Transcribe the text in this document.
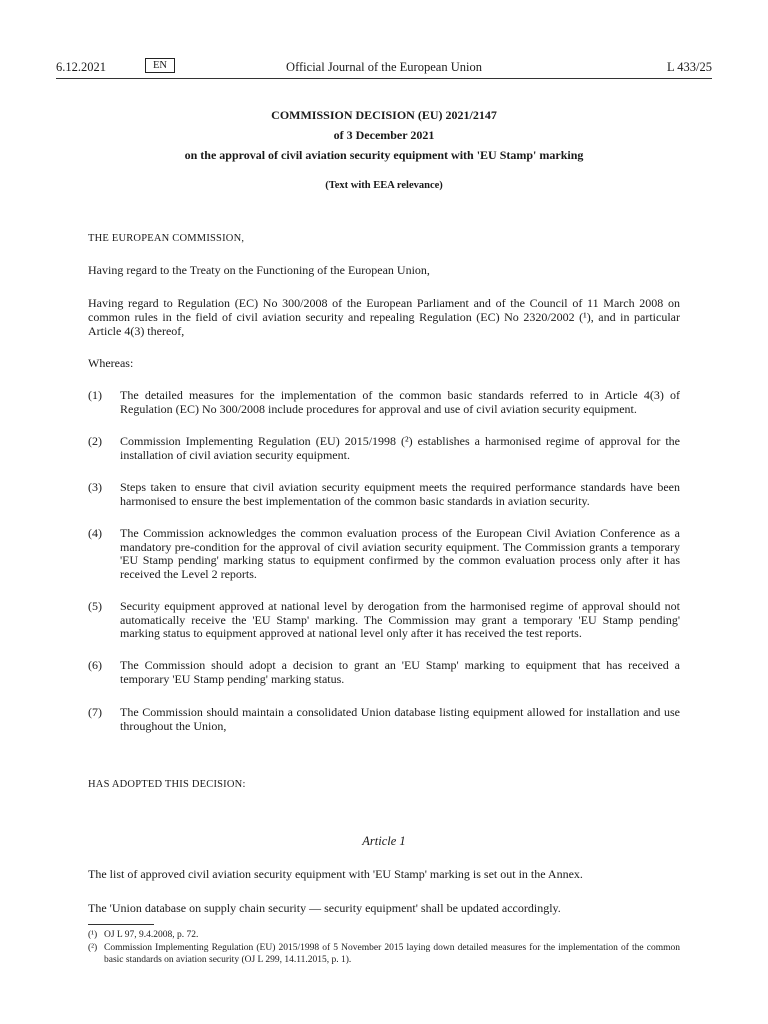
6.12.2021	EN	Official Journal of the European Union	L 433/25
COMMISSION DECISION (EU) 2021/2147
of 3 December 2021
on the approval of civil aviation security equipment with 'EU Stamp' marking
(Text with EEA relevance)
THE EUROPEAN COMMISSION,
Having regard to the Treaty on the Functioning of the European Union,
Having regard to Regulation (EC) No 300/2008 of the European Parliament and of the Council of 11 March 2008 on common rules in the field of civil aviation security and repealing Regulation (EC) No 2320/2002 (¹), and in particular Article 4(3) thereof,
Whereas:
(1) The detailed measures for the implementation of the common basic standards referred to in Article 4(3) of Regulation (EC) No 300/2008 include procedures for approval and use of civil aviation security equipment.
(2) Commission Implementing Regulation (EU) 2015/1998 (²) establishes a harmonised regime of approval for the installation of civil aviation security equipment.
(3) Steps taken to ensure that civil aviation security equipment meets the required performance standards have been harmonised to ensure the best implementation of the common basic standards in aviation security.
(4) The Commission acknowledges the common evaluation process of the European Civil Aviation Conference as a mandatory pre-condition for the approval of civil aviation security equipment. The Commission grants a temporary 'EU Stamp pending' marking status to equipment confirmed by the common evaluation process only after it has received the Level 2 reports.
(5) Security equipment approved at national level by derogation from the harmonised regime of approval should not automatically receive the 'EU Stamp' marking. The Commission may grant a temporary 'EU Stamp pending' marking status to equipment approved at national level only after it has received the test reports.
(6) The Commission should adopt a decision to grant an 'EU Stamp' marking to equipment that has received a temporary 'EU Stamp pending' marking status.
(7) The Commission should maintain a consolidated Union database listing equipment allowed for installation and use throughout the Union,
HAS ADOPTED THIS DECISION:
Article 1
The list of approved civil aviation security equipment with 'EU Stamp' marking is set out in the Annex.
The 'Union database on supply chain security — security equipment' shall be updated accordingly.
(¹) OJ L 97, 9.4.2008, p. 72.
(²) Commission Implementing Regulation (EU) 2015/1998 of 5 November 2015 laying down detailed measures for the implementation of the common basic standards on aviation security (OJ L 299, 14.11.2015, p. 1).
